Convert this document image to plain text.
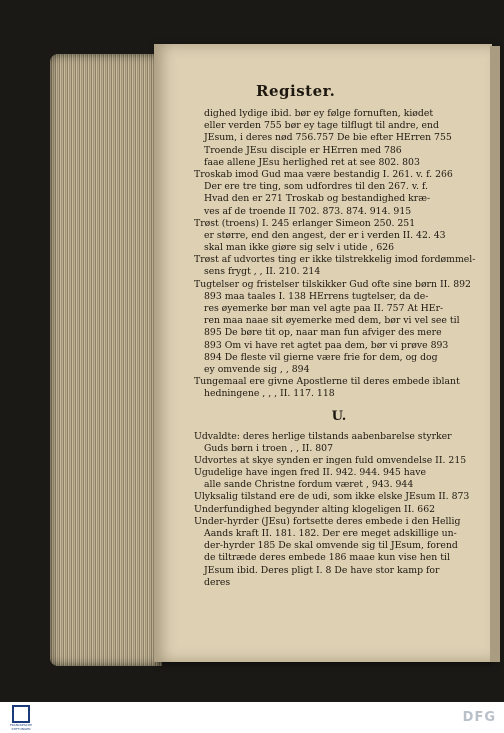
Register.
dighed lydige ibid. bør ey følge fornuften, kiødet
eller verden 755 bør ey tage tilflugt til andre, end
JEsum, i deres nød 756.757 De bie efter HErren 755
Troende JEsu disciple er HErren med 786
faae allene JEsu herlighed ret at see 802. 803
Troskab imod Gud maa være bestandig I. 261. v. f. 266
Der ere tre ting, som udfordres til den 267. v. f.
Hvad den er 271 Troskab og bestandighed kræ-
ves af de troende II 702. 873. 874. 914. 915
Trøst (troens) I. 245 erlanger Simeon 250. 251
er større, end den angest, der er i verden II. 42. 43
skal man ikke giøre sig selv i utide , 626
Trøst af udvortes ting er ikke tilstrekkelig imod fordømmel-
sens frygt , , II. 210. 214
Tugtelser og fristelser tilskikker Gud ofte sine børn II. 892
893 maa taales I. 138 HErrens tugtelser, da de-
res øyemerke bør man vel agte paa II. 757 At HEr-
ren maa naae sit øyemerke med dem, bør vi vel see til
895 De børe tit op, naar man fun afviger des mere
893 Om vi have ret agtet paa dem, bør vi prøve 893
894 De fleste vil gierne være frie for dem, og dog
ey omvende sig , , 894
Tungemaal ere givne Apostlerne til deres embede iblant
hedningene , , , II. 117. 118
U.
Udvaldte: deres herlige tilstands aabenbarelse styrker
Guds børn i troen , , II. 807
Udvortes at skye synden er ingen fuld omvendelse II. 215
Ugudelige have ingen fred II. 942. 944. 945 have
alle sande Christne fordum været , 943. 944
Ulyksalig tilstand ere de udi, som ikke elske JEsum II. 873
Underfundighed begynder alting klogeligen II. 662
Under-hyrder (JEsu) fortsette deres embede i den Hellig
Aands kraft II. 181. 182. Der ere meget adskillige un-
der-hyrder 185 De skal omvende sig til JEsum, forend
de tiltræde deres embede 186 maae kun vise hen til
JEsum ibid. Deres pligt I. 8 De have stor kamp for
deres
FRANCKESCHE STIFTUNGEN
DFG
